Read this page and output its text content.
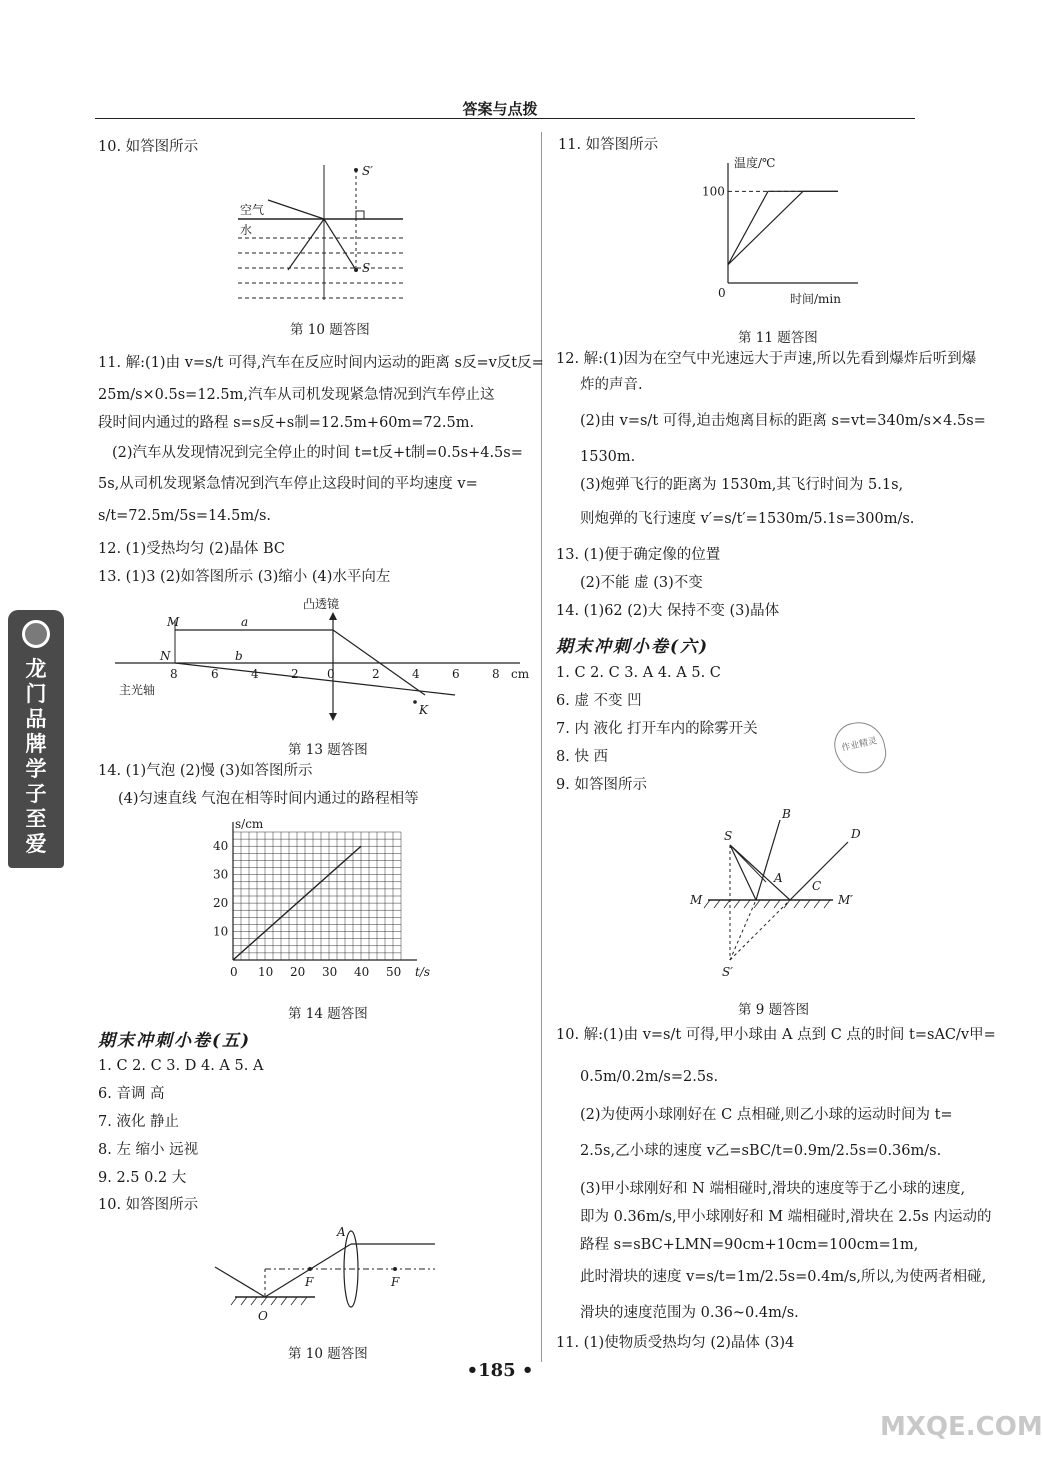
答案与点拨
龙门品牌 学子至爱
10. 如答图所示
空气
水
S
S′
第 10 题答图
11. 解:(1)由 v=s/t 可得,汽车在反应时间内运动的距离 s反=v反t反=
25m/s×0.5s=12.5m,汽车从司机发现紧急情况到汽车停止这
段时间内通过的路程 s=s反+s制=12.5m+60m=72.5m.
(2)汽车从发现情况到完全停止的时间 t=t反+t制=0.5s+4.5s=
5s,从司机发现紧急情况到汽车停止这段时间的平均速度 v=
s/t=72.5m/5s=14.5m/s.
12. (1)受热均匀 (2)晶体 BC
13. (1)3 (2)如答图所示 (3)缩小 (4)水平向左
凸透镜
M
N
a
b
主光轴
cm
K
8	6	4	2 0	2	4	6	8
第 13 题答图
14. (1)气泡 (2)慢 (3)如答图所示
(4)匀速直线 气泡在相等时间内通过的路程相等
0 10 20 30 40 50
10
20
30
40
s/cm
t/s
第 14 题答图
期末冲刺小卷(五)
1. C 2. C 3. D 4. A 5. A
6. 音调 高
7. 液化 静止
8. 左 缩小 远视
9. 2.5 0.2 大
10. 如答图所示
A
F	F
O
第 10 题答图
11. 如答图所示
温度/℃
时间/min
100
0
第 11 题答图
12. 解:(1)因为在空气中光速远大于声速,所以先看到爆炸后听到爆
炸的声音.
(2)由 v=s/t 可得,迫击炮离目标的距离 s=vt=340m/s×4.5s=
1530m.
(3)炮弹飞行的距离为 1530m,其飞行时间为 5.1s,
则炮弹的飞行速度 v′=s/t′=1530m/5.1s=300m/s.
13. (1)便于确定像的位置
(2)不能 虚 (3)不变
14. (1)62 (2)大 保持不变 (3)晶体
期末冲刺小卷(六)
1. C 2. C 3. A 4. A 5. C
6. 虚 不变 凹
7. 内 液化 打开车内的除雾开关
8. 快 西
9. 如答图所示
作业精灵
S
S′
B
D
A
C
M	M′
第 9 题答图
10. 解:(1)由 v=s/t 可得,甲小球由 A 点到 C 点的时间 t=sAC/v甲=
0.5m/0.2m/s=2.5s.
(2)为使两小球刚好在 C 点相碰,则乙小球的运动时间为 t=
2.5s,乙小球的速度 v乙=sBC/t=0.9m/2.5s=0.36m/s.
(3)甲小球刚好和 N 端相碰时,滑块的速度等于乙小球的速度,
即为 0.36m/s,甲小球刚好和 M 端相碰时,滑块在 2.5s 内运动的
路程 s=sBC+LMN=90cm+10cm=100cm=1m,
此时滑块的速度 v=s/t=1m/2.5s=0.4m/s,所以,为使两者相碰,
滑块的速度范围为 0.36~0.4m/s.
11. (1)使物质受热均匀 (2)晶体 (3)4
•185 •
MXQE.COM
